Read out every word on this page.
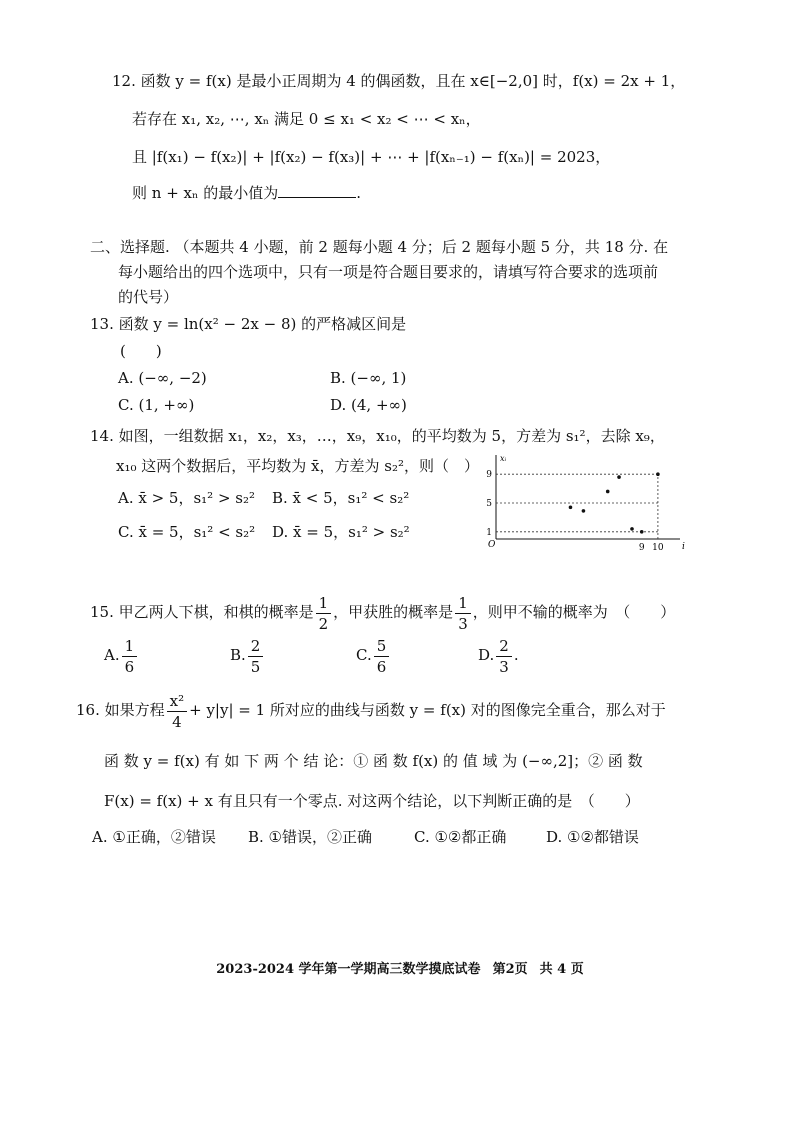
12. 函数 y = f(x) 是最小正周期为 4 的偶函数，且在 x∈[−2,0] 时，f(x) = 2x + 1，
若存在 x₁, x₂, ⋯, xₙ 满足 0 ≤ x₁ < x₂ < ⋯ < xₙ，
且 |f(x₁) − f(x₂)| + |f(x₂) − f(x₃)| + ⋯ + |f(xₙ₋₁) − f(xₙ)| = 2023，
则 n + xₙ 的最小值为	.
二、选择题. （本题共 4 小题，前 2 题每小题 4 分；后 2 题每小题 5 分，共 18 分. 在
每小题给出的四个选项中，只有一项是符合题目要求的，请填写符合要求的选项前
的代号）
13. 函数 y = ln(x² − 2x − 8) 的严格减区间是
(　　)
A. (−∞, −2)	B. (−∞, 1)
C. (1, +∞)	D. (4, +∞)
14. 如图，一组数据 x₁，x₂，x₃，…，x₉，x₁₀，的平均数为 5，方差为 s₁²，去除 x₉，
x₁₀ 这两个数据后，平均数为 x̄，方差为 s₂²，则（　）
A. x̄ > 5，s₁² > s₂² B. x̄ < 5，s₁² < s₂²
C. x̄ = 5，s₁² < s₂² D. x̄ = 5，s₁² > s₂²	1
5
9
9 10
O	i
xᵢ
15. 甲乙两人下棋，和棋的概率是 $\frac{1}{2}$ ，甲获胜的概率是 $\frac{1}{3}$ ，则甲不输的概率为　（　　）
A. $\frac{1}{6}$	B. $\frac{2}{5}$	C. $\frac{5}{6}$	D. $\frac{2}{3}$ .
16. 如果方程 $\frac{\text{x²}}{4} + y|y| = 1$ 所对应的曲线与函数 y = f(x) 对的图像完全重合，那么对于
函 数 y = f(x) 有 如 下 两 个 结 论：① 函 数 f(x) 的 值 域 为 (−∞,2]；② 函 数
F(x) = f(x) + x 有且只有一个零点. 对这两个结论，以下判断正确的是　（　　）
A. ①正确，②错误 B. ①错误，②正确	C. ①②都正确	D. ①②都错误
2023-2024 学年第一学期高三数学摸底试卷 第2页 共 4 页
